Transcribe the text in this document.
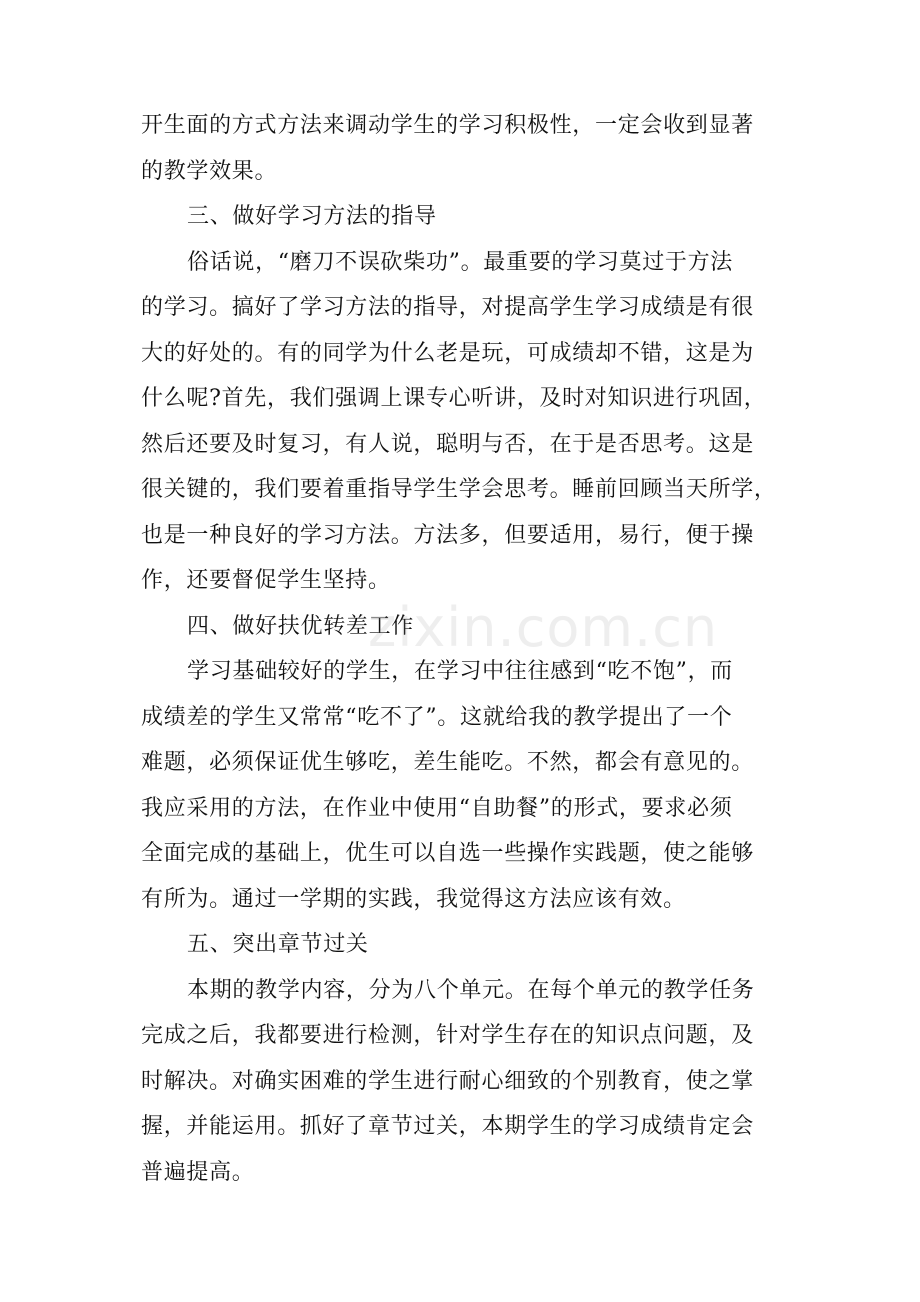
开生面的方式方法来调动学生的学习积极性，一定会收到显著
的教学效果。
三、做好学习方法的指导
俗话说，“磨刀不误砍柴功”。最重要的学习莫过于方法
的学习。搞好了学习方法的指导，对提高学生学习成绩是有很
大的好处的。有的同学为什么老是玩，可成绩却不错，这是为
什么呢?首先，我们强调上课专心听讲，及时对知识进行巩固，
然后还要及时复习，有人说，聪明与否，在于是否思考。这是
很关键的，我们要着重指导学生学会思考。睡前回顾当天所学，
也是一种良好的学习方法。方法多，但要适用，易行，便于操
作，还要督促学生坚持。
四、做好扶优转差工作
学习基础较好的学生，在学习中往往感到“吃不饱”，而
成绩差的学生又常常“吃不了”。这就给我的教学提出了一个
难题，必须保证优生够吃，差生能吃。不然，都会有意见的。
我应采用的方法，在作业中使用“自助餐”的形式，要求必须
全面完成的基础上，优生可以自选一些操作实践题，使之能够
有所为。通过一学期的实践，我觉得这方法应该有效。
五、突出章节过关
本期的教学内容，分为八个单元。在每个单元的教学任务
完成之后，我都要进行检测，针对学生存在的知识点问题，及
时解决。对确实困难的学生进行耐心细致的个别教育，使之掌
握，并能运用。抓好了章节过关，本期学生的学习成绩肯定会
普遍提高。
zixin.com.cn
